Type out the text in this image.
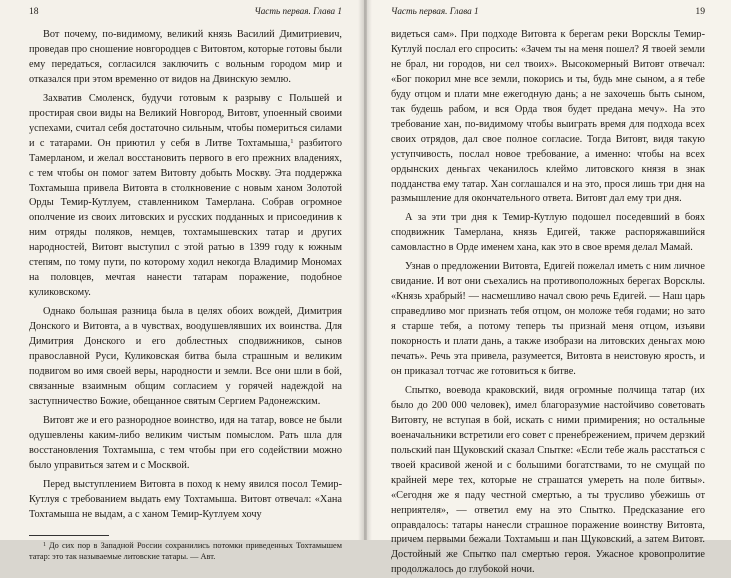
18	Часть первая. Глава 1

Вот почему, по-видимому, великий князь Василий Димитриевич, проведав про сношение новгородцев с Витовтом, которые готовы были ему передаться, согласился заключить с вольным городом мир и отказался при этом временно от видов на Двинскую землю.

Захватив Смоленск, будучи готовым к разрыву с Польшей и простирая свои виды на Великий Новгород, Витовт, упоенный своими успехами, считал себя достаточно сильным, чтобы помериться силами и с татарами. Он приютил у себя в Литве Тохтамыша,$^1$ разбитого Тамерланом, и желал восстановить первого в его прежних владениях, с тем чтобы он помог затем Витовту добыть Москву. Эта поддержка Тохтамыша привела Витовта в столкновение с новым ханом Золотой Орды Темир-Кутлуем, ставленником Тамерлана. Собрав огромное ополчение из своих литовских и русских подданных и присоединив к ним отряды поляков, немцев, тохтамышевских татар и других народностей, Витовт выступил с этой ратью в 1399 году к южным степям, по тому пути, по которому ходил некогда Владимир Мономах на половцев, мечтая нанести татарам поражение, подобное куликовскому.

Однако большая разница была в целях обоих вождей, Димитрия Донского и Витовта, а в чувствах, воодушевлявших их воинства. Для Димитрия Донского и его доблестных сподвижников, сынов православной Руси, Куликовская битва была страшным и великим подвигом во имя своей веры, народности и земли. Все они шли в бой, связанные взаимным общим согласием у горячей надеждой на заступничество Божие, обещанное святым Сергием Радонежским.

Витовт же и его разнородное воинство, идя на татар, вовсе не были одушевлены каким-либо великим чистым помыслом. Рать шла для восстановления Тохтамыша, с тем чтобы при его содействии можно было управиться затем и с Москвой.

Перед выступлением Витовта в поход к нему явился посол Темир-Кутлуя с требованием выдать ему Тохтамыша. Витовт отвечал: «Хана Тохтамыша не выдам, а с ханом Темир-Кутлуем хочу

$^1$ До сих пор в Западной России сохранились потомки приведенных Тохтамышем татар: это так называемые литовские татары. — Авт.

Часть первая. Глава 1	19

видеться сам». При подходе Витовта к берегам реки Ворсклы Темир-Кутлуй послал его спросить: «Зачем ты на меня пошел? Я твоей земли не брал, ни городов, ни сел твоих». Высокомерный Витовт отвечал: «Бог покорил мне все земли, покорись и ты, будь мне сыном, а я тебе буду отцом и плати мне ежегодную дань; а не захочешь быть сыном, так будешь рабом, и вся Орда твоя будет предана мечу». На это требование хан, по-видимому чтобы выиграть время для подхода всех своих отрядов, дал свое полное согласие. Тогда Витовт, видя такую уступчивость, послал новое требование, а именно: чтобы на всех ордынских деньгах чеканилось клеймо литовского князя в знак подданства ему татар. Хан соглашался и на это, прося лишь три дня на размышление для окончательного ответа. Витовт дал ему три дня.

А за эти три дня к Темир-Кутлую подошел поседевший в боях сподвижник Тамерлана, князь Едигей, также распоряжавшийся самовластно в Орде именем хана, как это в свое время делал Мамай.

Узнав о предложении Витовта, Едигей пожелал иметь с ним личное свидание. И вот они съехались на противоположных берегах Ворсклы. «Князь храбрый! — насмешливо начал свою речь Едигей. — Наш царь справедливо мог признать тебя отцом, он моложе тебя годами; но зато я старше тебя, а потому теперь ты признай меня отцом, изъяви покорность и плати дань, а также изобрази на литовских деньгах мою печать». Речь эта привела, разумеется, Витовта в неистовую ярость, и он приказал тотчас же готовиться к битве.

Спытко, воевода краковский, видя огромные полчища татар (их было до 200 000 человек), имел благоразумие настойчиво советовать Витовту, не вступая в бой, искать с ними примирения; но остальные военачальники встретили его совет с пренебрежением, причем дерзкий польский пан Щуковский сказал Спытке: «Если тебе жаль расстаться с твоей красивой женой и с большими богатствами, то не смущай по крайней мере тех, которые не страшатся умереть на поле битвы». «Сегодня же я паду честной смертью, а ты трусливо убежишь от неприятеля», — ответил ему на это Спытко. Предсказание его оправдалось: татары нанесли страшное поражение воинству Витовта, причем первыми бежали Тохтамыш и пан Щуковский, а затем Витовт. Достойный же Спытко пал смертью героя. Ужасное кровопролитие продолжалось до глубокой ночи.
